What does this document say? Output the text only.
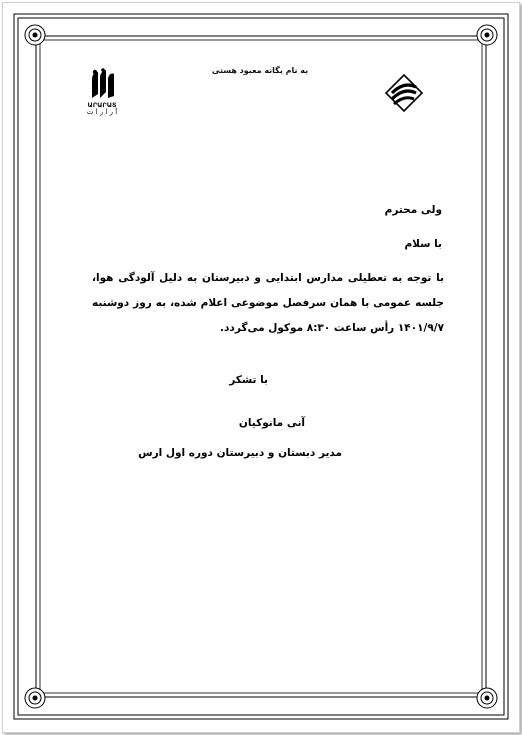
به نام یگانه معبود هستی
ԱՐԱՐԱՏ
آ ر ا ر ا ت
ولی محترم
با سلام
با توجه به تعطیلی مدارس ابتدایی و دبیرستان به دلیل آلودگی هوا، جلسه عمومی با همان سرفصل موضوعی اعلام شده، به روز دوشنبه ۱۴۰۱/۹/۷ رأس ساعت ۸:۳۰ موکول می‌گردد.
با تشکر
آنی مانوکیان
مدیر دبستان و دبیرستان دوره اول ارس
